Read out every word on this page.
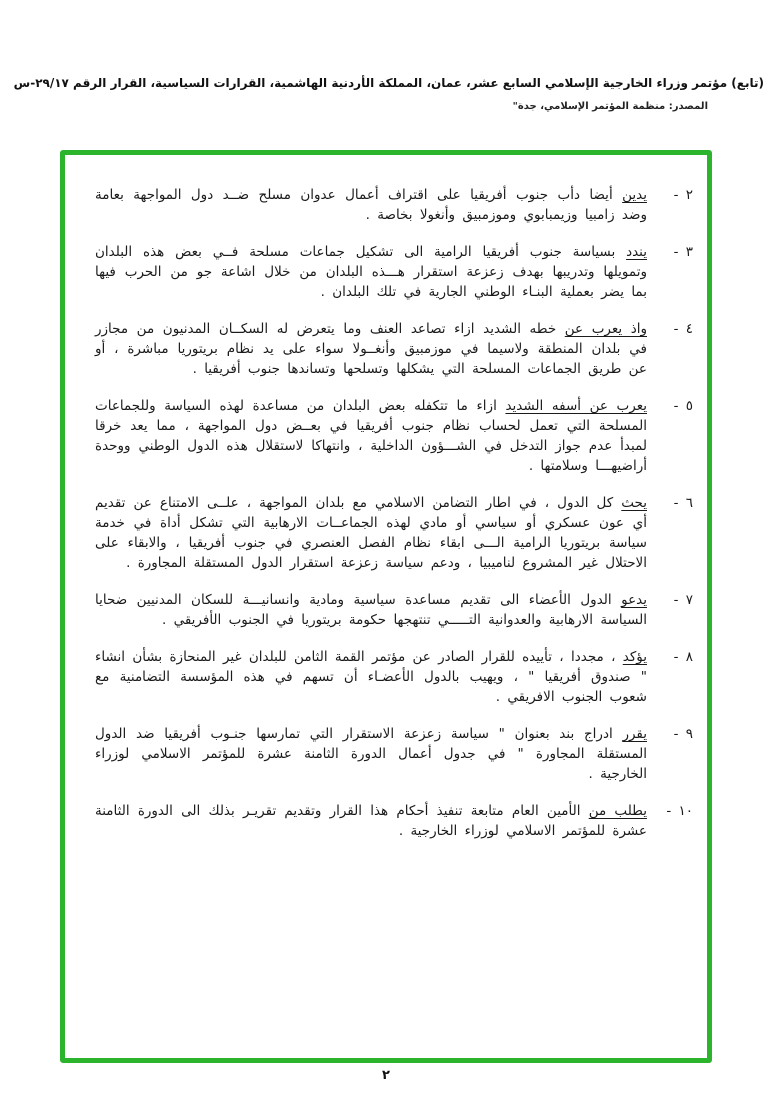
(تابع) مؤتمر وزراء الخارجية الإسلامي السابع عشر، عمان، المملكة الأردنية الهاشمية، القرارات السياسية، القرار الرقم ٢٩/١٧-س
المصدر: منظمة المؤتمر الإسلامي، جدة"
٢ -
يدين أيضا دأب جنوب أفريقيا على اقتراف أعمال عدوان مسلح ضــد دول المواجهة بعامة وضد زامبيا وزيمبابوي وموزمبيق وأنغولا بخاصة .
٣ -
يندد بسياسة جنوب أفريقيا الرامية الى تشكيل جماعات مسلحة فــي بعض هذه البلدان وتمويلها وتدريبها بهدف زعزعة استقرار هـــذه البلدان من خلال اشاعة جو من الحرب فيها بما يضر بعملية البنـاء الوطني الجارية في تلك البلدان .
٤ -
واذ يعرب عن خطه الشديد ازاء تصاعد العنف وما يتعرض له السكــان المدنيون من مجازر في بلدان المنطقة ولاسيما في موزمبيق وأنغــولا سواء على يد نظام بريتوريا مباشرة ، أو عن طريق الجماعات المسلحة التي يشكلها وتسلحها وتساندها جنوب أفريقيا .
٥ -
يعرب عن أسفه الشديد ازاء ما تتكفله بعض البلدان من مساعدة لهذه السياسة وللجماعات المسلحة التي تعمل لحساب نظام جنوب أفريقيا في بعــض دول المواجهة ، مما يعد خرقا لمبدأ عدم جواز التدخل في الشـــؤون الداخلية ، وانتهاكا لاستقلال هذه الدول الوطني ووحدة أراضيهـــا وسلامتها .
٦ -
يحث كل الدول ، في اطار التضامن الاسلامي مع بلدان المواجهة ، علــى الامتناع عن تقديم أي عون عسكري أو سياسي أو مادي لهذه الجماعــات الارهابية التي تشكل أداة في خدمة سياسة بريتوريا الرامية الـــى ابقاء نظام الفصل العنصري في جنوب أفريقيا ، والابقاء على الاحتلال غير المشروع لناميبيا ، ودعم سياسة زعزعة استقرار الدول المستقلة المجاورة .
٧ -
يدعو الدول الأعضاء الى تقديم مساعدة سياسية ومادية وانسانيـــة للسكان المدنيين ضحايا السياسة الارهابية والعدوانية التـــــي تنتهجها حكومة بريتوريا في الجنوب الأفريقي .
٨ -
يؤكد ، مجددا ، تأييده للقرار الصادر عن مؤتمر القمة الثامن للبلدان غير المنحازة بشأن انشاء " صندوق أفريقيا " ، ويهيب بالدول الأعضـاء أن تسهم في هذه المؤسسة التضامنية مع شعوب الجنوب الافريقي .
٩ -
يقرر ادراج بند بعنوان " سياسة زعزعة الاستقرار التي تمارسها جنـوب أفريقيا ضد الدول المستقلة المجاورة " في جدول أعمال الدورة الثامنة عشرة للمؤتمر الاسلامي لوزراء الخارجية .
١٠ -
يطلب من الأمين العام متابعة تنفيذ أحكام هذا القرار وتقديم تقريـر بذلك الى الدورة الثامنة عشرة للمؤتمر الاسلامي لوزراء الخارجية .
٢
